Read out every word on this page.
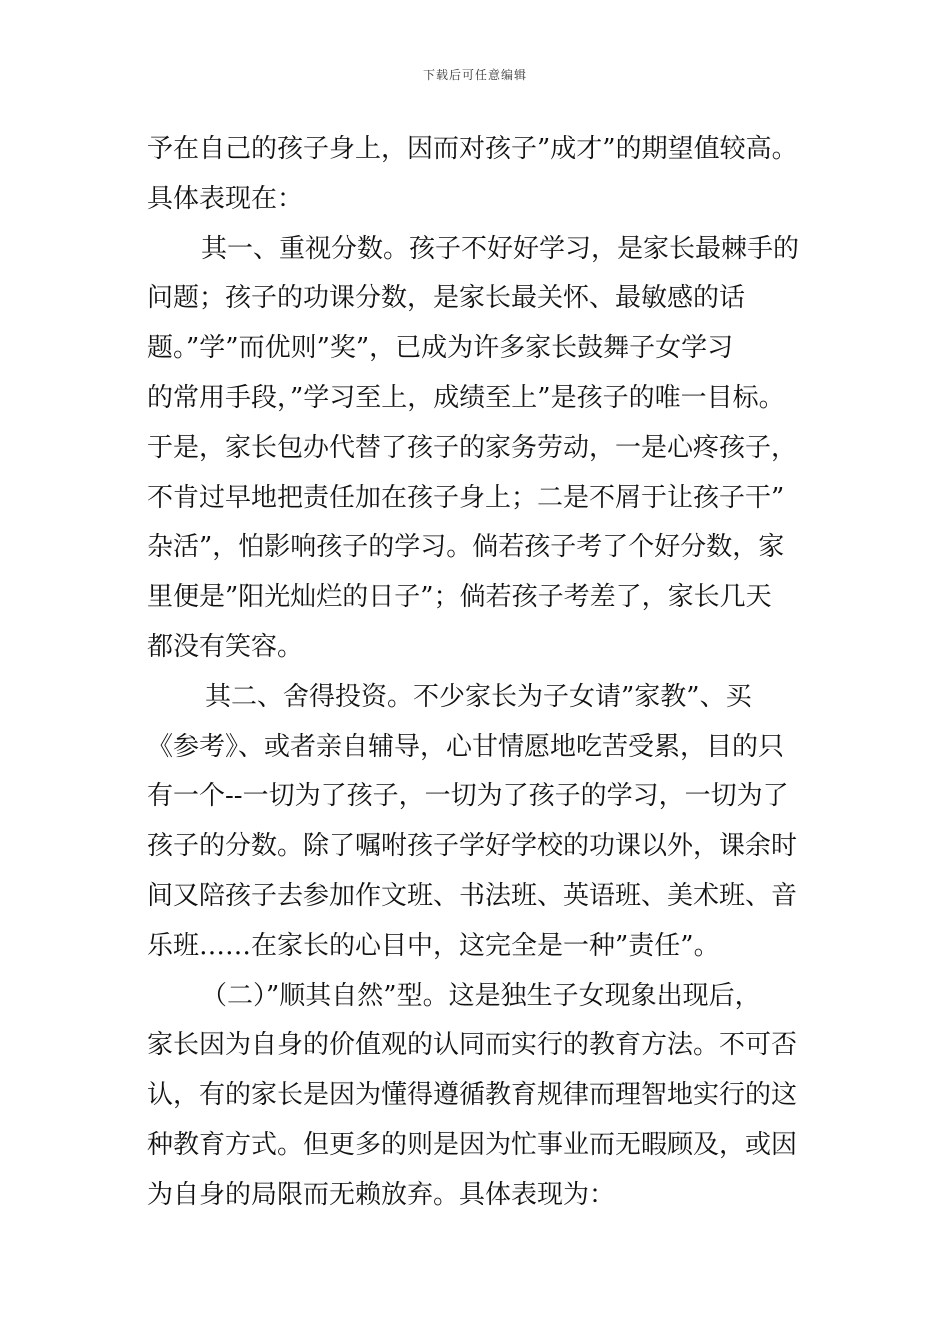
下载后可任意编辑
予在自己的孩子身上，因而对孩子”成才”的期望值较高。
具体表现在：
其一、重视分数。孩子不好好学习，是家长最棘手的
问题；孩子的功课分数，是家长最关怀、最敏感的话
题。”学”而优则”奖”，已成为许多家长鼓舞子女学习
的常用手段，”学习至上，成绩至上”是孩子的唯一目标。
于是，家长包办代替了孩子的家务劳动，一是心疼孩子，
不肯过早地把责任加在孩子身上；二是不屑于让孩子干”
杂活”，怕影响孩子的学习。倘若孩子考了个好分数，家
里便是”阳光灿烂的日子”；倘若孩子考差了，家长几天
都没有笑容。
其二、舍得投资。不少家长为子女请”家教”、买
《参考》、或者亲自辅导，心甘情愿地吃苦受累，目的只
有一个--一切为了孩子，一切为了孩子的学习，一切为了
孩子的分数。除了嘱咐孩子学好学校的功课以外，课余时
间又陪孩子去参加作文班、书法班、英语班、美术班、音
乐班……在家长的心目中，这完全是一种”责任”。
（二）”顺其自然”型。这是独生子女现象出现后，
家长因为自身的价值观的认同而实行的教育方法。不可否
认，有的家长是因为懂得遵循教育规律而理智地实行的这
种教育方式。但更多的则是因为忙事业而无暇顾及，或因
为自身的局限而无赖放弃。具体表现为：
